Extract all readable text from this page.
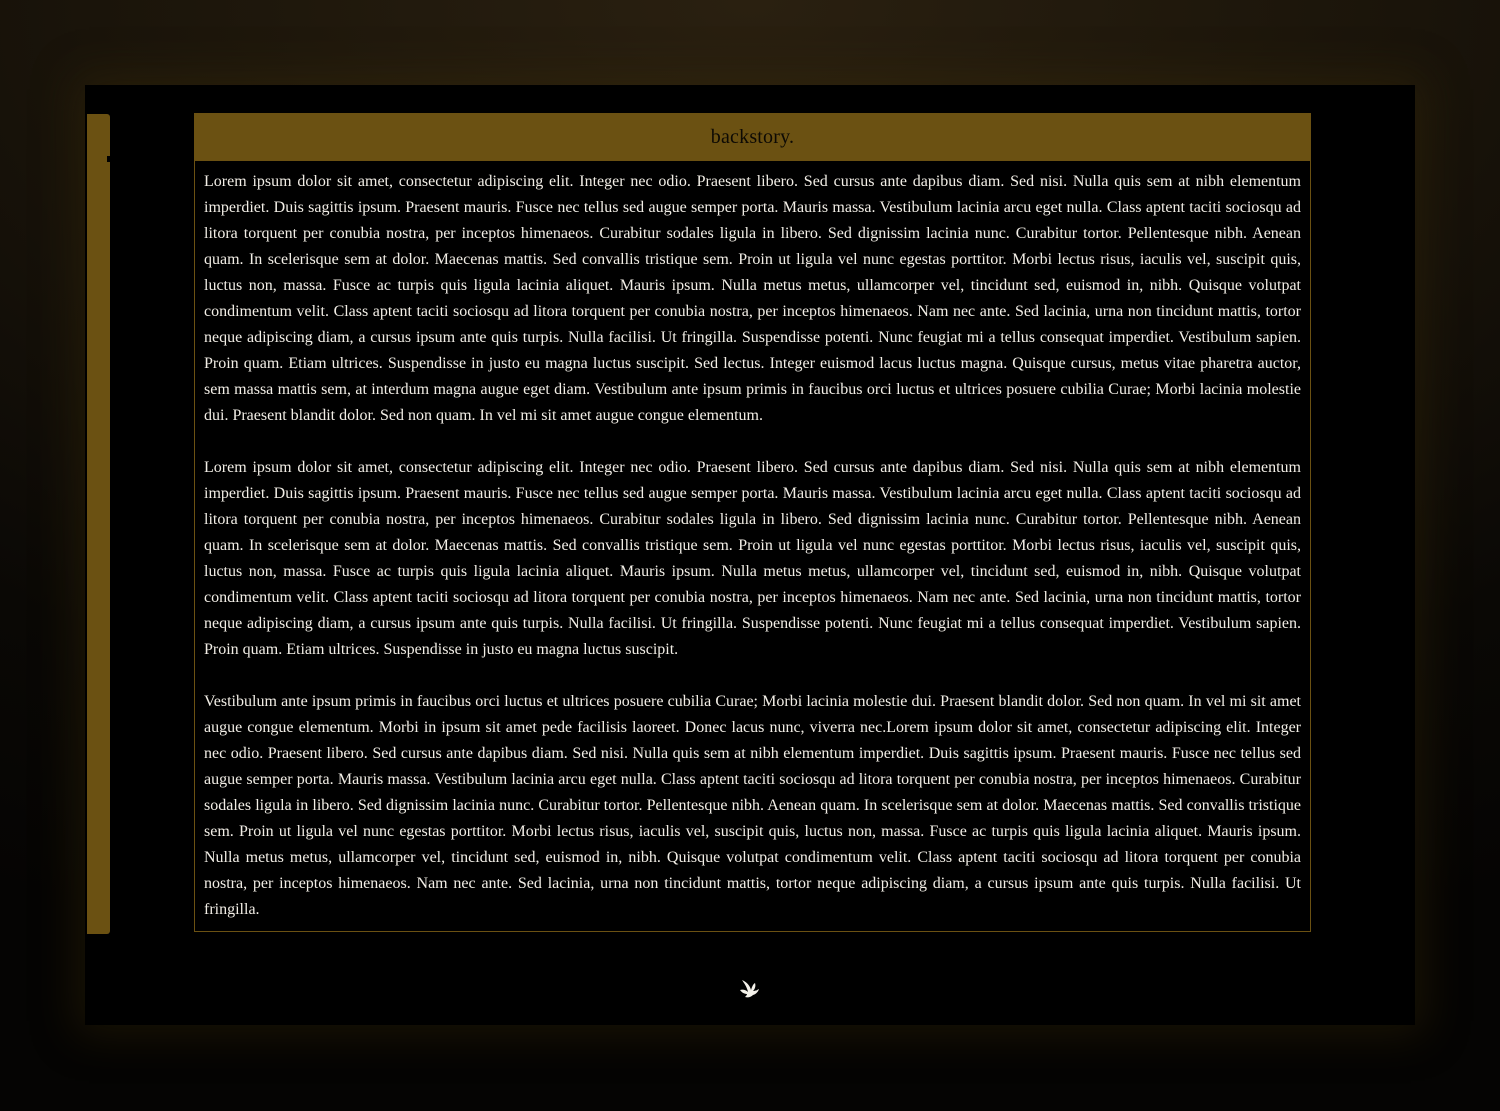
backstory.

Lorem ipsum dolor sit amet, consectetur adipiscing elit. Integer nec odio. Praesent libero. Sed cursus ante dapibus diam. Sed nisi. Nulla quis sem at nibh elementum imperdiet. Duis sagittis ipsum. Praesent mauris. Fusce nec tellus sed augue semper porta. Mauris massa. Vestibulum lacinia arcu eget nulla. Class aptent taciti sociosqu ad litora torquent per conubia nostra, per inceptos himenaeos. Curabitur sodales ligula in libero. Sed dignissim lacinia nunc. Curabitur tortor. Pellentesque nibh. Aenean quam. In scelerisque sem at dolor. Maecenas mattis. Sed convallis tristique sem. Proin ut ligula vel nunc egestas porttitor. Morbi lectus risus, iaculis vel, suscipit quis, luctus non, massa. Fusce ac turpis quis ligula lacinia aliquet. Mauris ipsum. Nulla metus metus, ullamcorper vel, tincidunt sed, euismod in, nibh. Quisque volutpat condimentum velit. Class aptent taciti sociosqu ad litora torquent per conubia nostra, per inceptos himenaeos. Nam nec ante. Sed lacinia, urna non tincidunt mattis, tortor neque adipiscing diam, a cursus ipsum ante quis turpis. Nulla facilisi. Ut fringilla. Suspendisse potenti. Nunc feugiat mi a tellus consequat imperdiet. Vestibulum sapien. Proin quam. Etiam ultrices. Suspendisse in justo eu magna luctus suscipit. Sed lectus. Integer euismod lacus luctus magna. Quisque cursus, metus vitae pharetra auctor, sem massa mattis sem, at interdum magna augue eget diam. Vestibulum ante ipsum primis in faucibus orci luctus et ultrices posuere cubilia Curae; Morbi lacinia molestie dui. Praesent blandit dolor. Sed non quam. In vel mi sit amet augue congue elementum.

Lorem ipsum dolor sit amet, consectetur adipiscing elit. Integer nec odio. Praesent libero. Sed cursus ante dapibus diam. Sed nisi. Nulla quis sem at nibh elementum imperdiet. Duis sagittis ipsum. Praesent mauris. Fusce nec tellus sed augue semper porta. Mauris massa. Vestibulum lacinia arcu eget nulla. Class aptent taciti sociosqu ad litora torquent per conubia nostra, per inceptos himenaeos. Curabitur sodales ligula in libero. Sed dignissim lacinia nunc. Curabitur tortor. Pellentesque nibh. Aenean quam. In scelerisque sem at dolor. Maecenas mattis. Sed convallis tristique sem. Proin ut ligula vel nunc egestas porttitor. Morbi lectus risus, iaculis vel, suscipit quis, luctus non, massa. Fusce ac turpis quis ligula lacinia aliquet. Mauris ipsum. Nulla metus metus, ullamcorper vel, tincidunt sed, euismod in, nibh. Quisque volutpat condimentum velit. Class aptent taciti sociosqu ad litora torquent per conubia nostra, per inceptos himenaeos. Nam nec ante. Sed lacinia, urna non tincidunt mattis, tortor neque adipiscing diam, a cursus ipsum ante quis turpis. Nulla facilisi. Ut fringilla. Suspendisse potenti. Nunc feugiat mi a tellus consequat imperdiet. Vestibulum sapien. Proin quam. Etiam ultrices. Suspendisse in justo eu magna luctus suscipit.

Vestibulum ante ipsum primis in faucibus orci luctus et ultrices posuere cubilia Curae; Morbi lacinia molestie dui. Praesent blandit dolor. Sed non quam. In vel mi sit amet augue congue elementum. Morbi in ipsum sit amet pede facilisis laoreet. Donec lacus nunc, viverra nec.Lorem ipsum dolor sit amet, consectetur adipiscing elit. Integer nec odio. Praesent libero. Sed cursus ante dapibus diam. Sed nisi. Nulla quis sem at nibh elementum imperdiet. Duis sagittis ipsum. Praesent mauris. Fusce nec tellus sed augue semper porta. Mauris massa. Vestibulum lacinia arcu eget nulla. Class aptent taciti sociosqu ad litora torquent per conubia nostra, per inceptos himenaeos. Curabitur sodales ligula in libero. Sed dignissim lacinia nunc. Curabitur tortor. Pellentesque nibh. Aenean quam. In scelerisque sem at dolor. Maecenas mattis. Sed convallis tristique sem. Proin ut ligula vel nunc egestas porttitor. Morbi lectus risus, iaculis vel, suscipit quis, luctus non, massa. Fusce ac turpis quis ligula lacinia aliquet. Mauris ipsum. Nulla metus metus, ullamcorper vel, tincidunt sed, euismod in, nibh. Quisque volutpat condimentum velit. Class aptent taciti sociosqu ad litora torquent per conubia nostra, per inceptos himenaeos. Nam nec ante. Sed lacinia, urna non tincidunt mattis, tortor neque adipiscing diam, a cursus ipsum ante quis turpis. Nulla facilisi. Ut fringilla.
